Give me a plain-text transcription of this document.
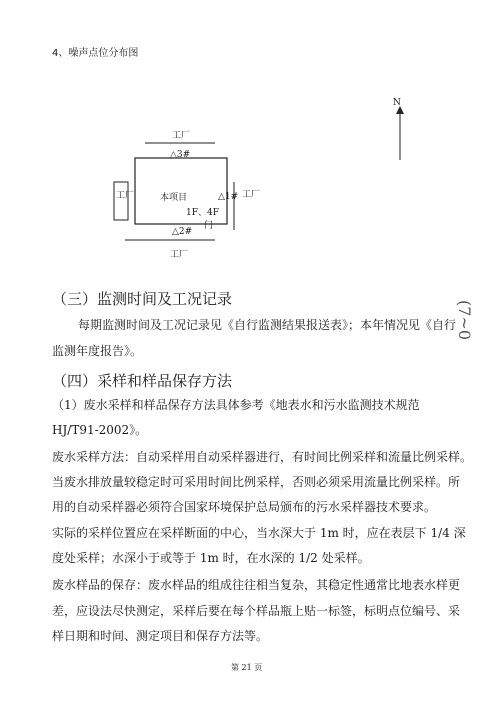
4、噪声点位分布图
N
工厂
△3#
工厂	本项目	△1# 工厂
1F、4F
门
△2#
工厂
（三）监测时间及工况记录
每期监测时间及工况记录见《自行监测结果报送表》；本年情况见《自行
监测年度报告》。
（四）采样和样品保存方法
（1）废水采样和样品保存方法具体参考《地表水和污水监测技术规范
HJ/T91-2002》。
废水采样方法：自动采样用自动采样器进行，有时间比例采样和流量比例采样。
当废水排放量较稳定时可采用时间比例采样，否则必须采用流量比例采样。所
用的自动采样器必须符合国家环境保护总局颁布的污水采样器技术要求。
实际的采样位置应在采样断面的中心，当水深大于 1m 时，应在表层下 1/4 深
度处采样；水深小于或等于 1m 时，在水深的 1/2 处采样。
废水样品的保存：废水样品的组成往往相当复杂，其稳定性通常比地表水样更
差，应设法尽快测定，采样后要在每个样品瓶上贴一标签，标明点位编号、采
样日期和时间、测定项目和保存方法等。
第 21 页
(7~0
